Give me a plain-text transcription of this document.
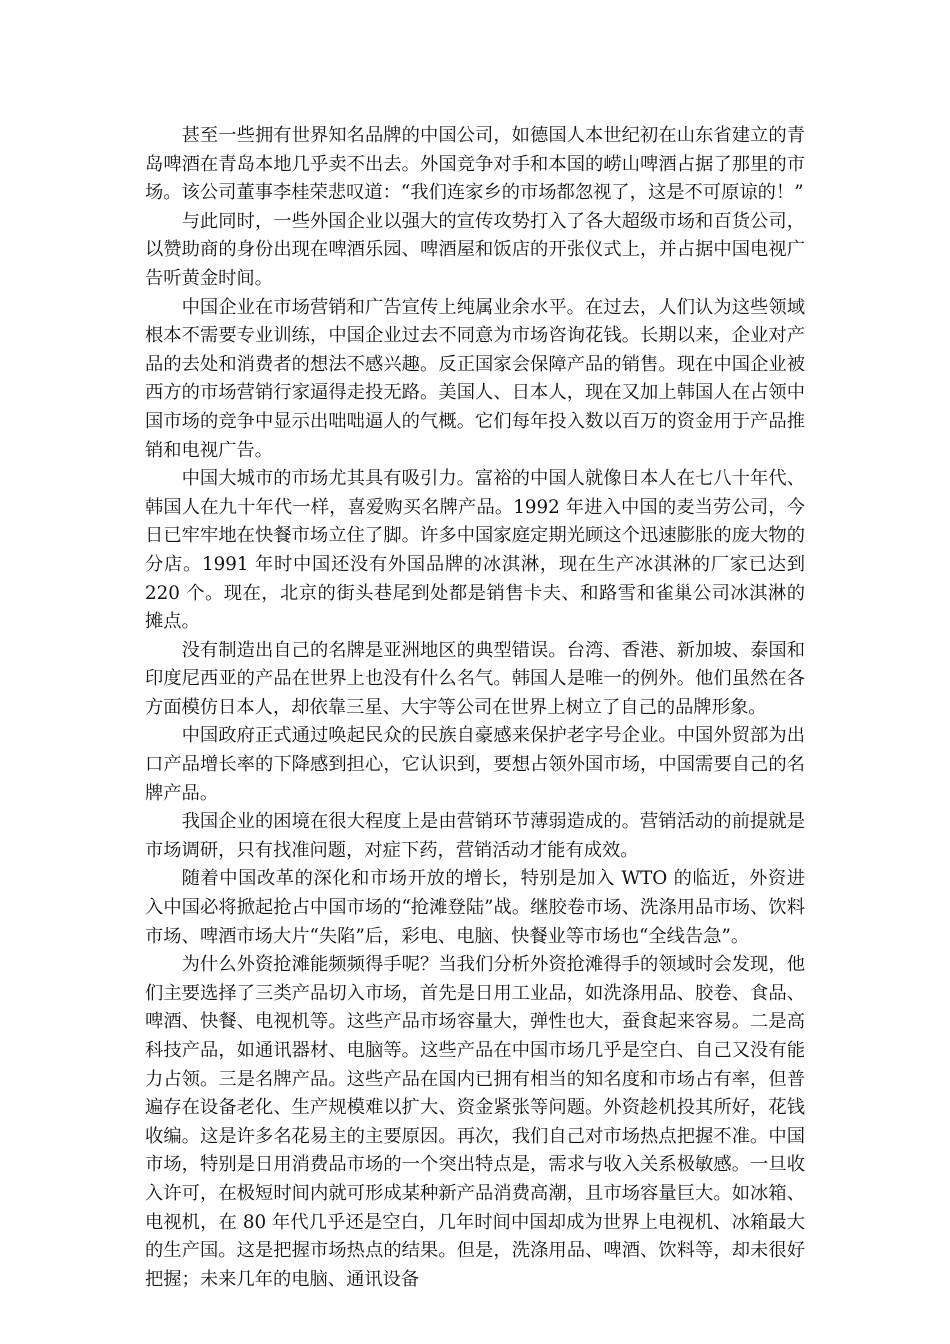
甚至一些拥有世界知名品牌的中国公司，如德国人本世纪初在山东省建立的青岛啤酒在青岛本地几乎卖不出去。外国竞争对手和本国的崂山啤酒占据了那里的市场。该公司董事李桂荣悲叹道：“我们连家乡的市场都忽视了，这是不可原谅的！”

与此同时，一些外国企业以强大的宣传攻势打入了各大超级市场和百货公司，以赞助商的身份出现在啤酒乐园、啤酒屋和饭店的开张仪式上，并占据中国电视广告听黄金时间。

中国企业在市场营销和广告宣传上纯属业余水平。在过去，人们认为这些领域根本不需要专业训练，中国企业过去不同意为市场咨询花钱。长期以来，企业对产品的去处和消费者的想法不感兴趣。反正国家会保障产品的销售。现在中国企业被西方的市场营销行家逼得走投无路。美国人、日本人，现在又加上韩国人在占领中国市场的竞争中显示出咄咄逼人的气概。它们每年投入数以百万的资金用于产品推销和电视广告。

中国大城市的市场尤其具有吸引力。富裕的中国人就像日本人在七八十年代、韩国人在九十年代一样，喜爱购买名牌产品。1992 年进入中国的麦当劳公司，今日已牢牢地在快餐市场立住了脚。许多中国家庭定期光顾这个迅速膨胀的庞大物的分店。1991 年时中国还没有外国品牌的冰淇淋，现在生产冰淇淋的厂家已达到 220 个。现在，北京的街头巷尾到处都是销售卡夫、和路雪和雀巢公司冰淇淋的摊点。

没有制造出自己的名牌是亚洲地区的典型错误。台湾、香港、新加坡、泰国和印度尼西亚的产品在世界上也没有什么名气。韩国人是唯一的例外。他们虽然在各方面模仿日本人，却依靠三星、大宇等公司在世界上树立了自己的品牌形象。

中国政府正式通过唤起民众的民族自豪感来保护老字号企业。中国外贸部为出口产品增长率的下降感到担心，它认识到，要想占领外国市场，中国需要自己的名牌产品。

我国企业的困境在很大程度上是由营销环节薄弱造成的。营销活动的前提就是市场调研，只有找准问题，对症下药，营销活动才能有成效。

随着中国改革的深化和市场开放的增长，特别是加入 WTO 的临近，外资进入中国必将掀起抢占中国市场的“抢滩登陆”战。继胶卷市场、洗涤用品市场、饮料市场、啤酒市场大片“失陷”后，彩电、电脑、快餐业等市场也“全线告急”。

为什么外资抢滩能频频得手呢？当我们分析外资抢滩得手的领域时会发现，他们主要选择了三类产品切入市场，首先是日用工业品，如洗涤用品、胶卷、食品、啤酒、快餐、电视机等。这些产品市场容量大，弹性也大，蚕食起来容易。二是高科技产品，如通讯器材、电脑等。这些产品在中国市场几乎是空白、自己又没有能力占领。三是名牌产品。这些产品在国内已拥有相当的知名度和市场占有率，但普遍存在设备老化、生产规模难以扩大、资金紧张等问题。外资趁机投其所好，花钱收编。这是许多名花易主的主要原因。再次，我们自己对市场热点把握不准。中国市场，特别是日用消费品市场的一个突出特点是，需求与收入关系极敏感。一旦收入许可，在极短时间内就可形成某种新产品消费高潮，且市场容量巨大。如冰箱、电视机，在 80 年代几乎还是空白，几年时间中国却成为世界上电视机、冰箱最大的生产国。这是把握市场热点的结果。但是，洗涤用品、啤酒、饮料等，却未很好把握；未来几年的电脑、通讯设备
